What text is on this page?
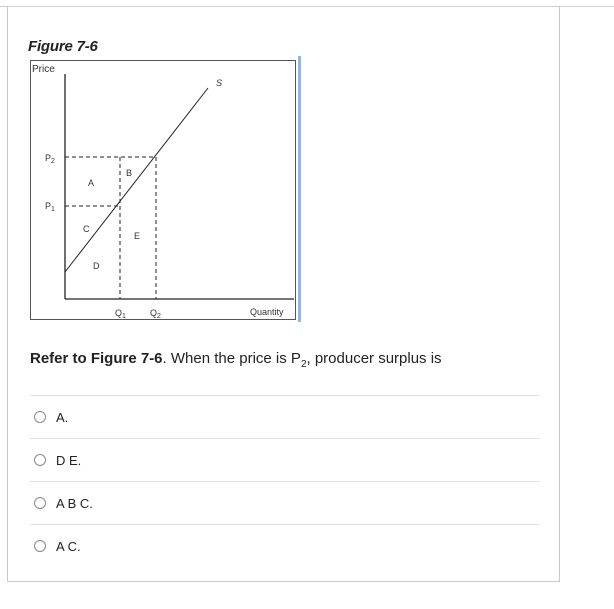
Figure 7-6
Price
S
$P_2$
$P_1$
$Q_1$	$Q_2$	Quantity
A
B
C
D
E
Refer to Figure 7-6. When the price is $P_2$, producer surplus is
A.
D E.
A B C.
A C.
